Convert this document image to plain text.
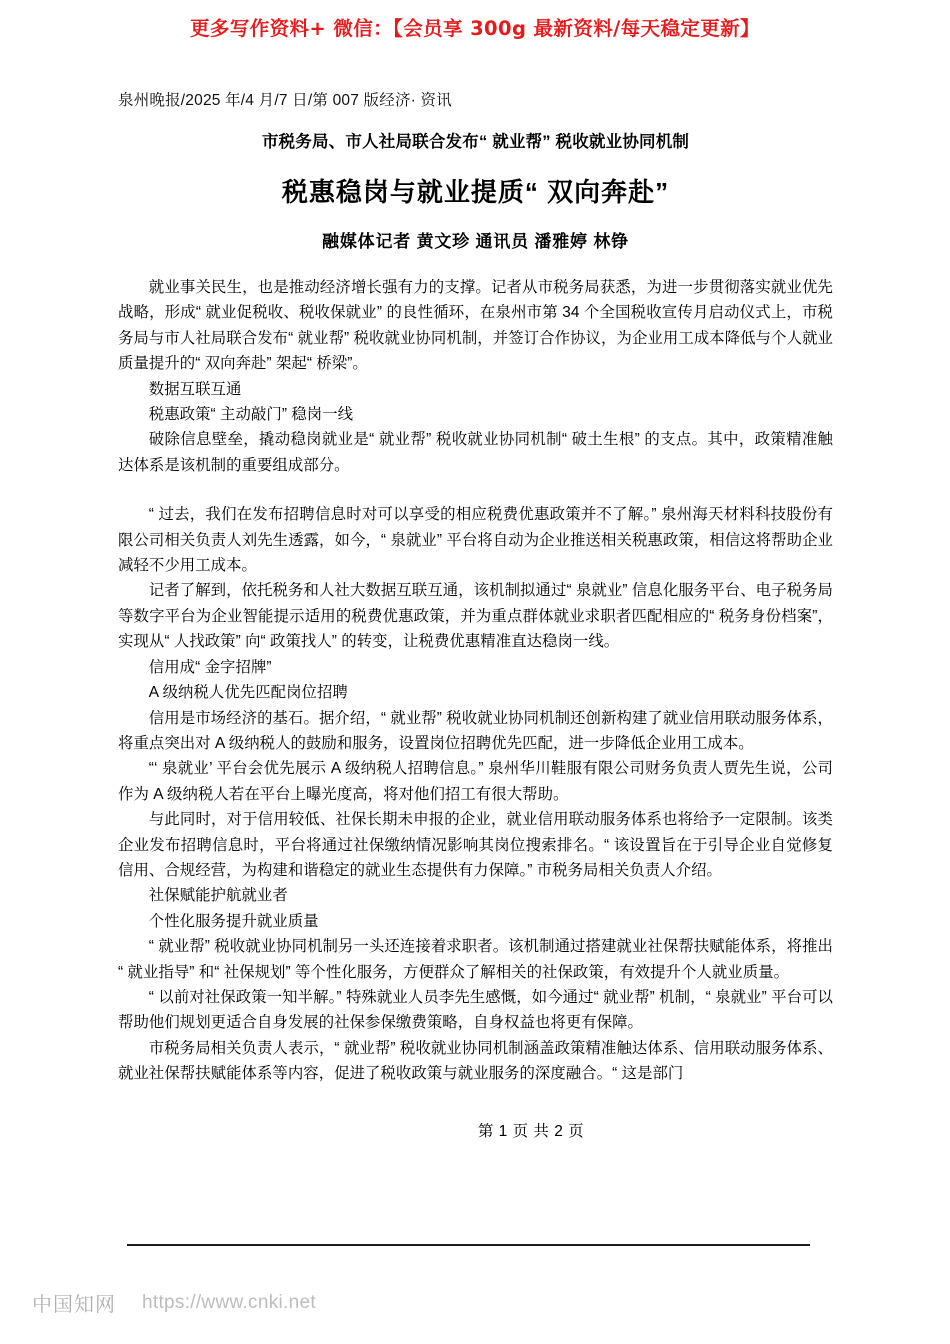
更多写作资料+ 微信：【会员享 300g 最新资料/每天稳定更新】
泉州晚报/2025 年/4 月/7 日/第 007 版经济· 资讯
市税务局、市人社局联合发布“ 就业帮” 税收就业协同机制
税惠稳岗与就业提质“ 双向奔赴”
融媒体记者 黄文珍 通讯员 潘雅婷 林铮

就业事关民生，也是推动经济增长强有力的支撑。记者从市税务局获悉，为进一步贯彻落实就业优先战略，形成“ 就业促税收、税收保就业” 的良性循环，在泉州市第 34 个全国税收宣传月启动仪式上，市税务局与市人社局联合发布“ 就业帮” 税收就业协同机制，并签订合作协议，为企业用工成本降低与个人就业质量提升的“ 双向奔赴” 架起“ 桥梁”。

数据互联互通

税惠政策“ 主动敲门” 稳岗一线

破除信息壁垒，撬动稳岗就业是“ 就业帮” 税收就业协同机制“ 破土生根” 的支点。其中，政策精准触达体系是该机制的重要组成部分。

“ 过去，我们在发布招聘信息时对可以享受的相应税费优惠政策并不了解。” 泉州海天材料科技股份有限公司相关负责人刘先生透露，如今，“ 泉就业” 平台将自动为企业推送相关税惠政策，相信这将帮助企业减轻不少用工成本。

记者了解到，依托税务和人社大数据互联互通，该机制拟通过“ 泉就业” 信息化服务平台、电子税务局等数字平台为企业智能提示适用的税费优惠政策，并为重点群体就业求职者匹配相应的“ 税务身份档案”，实现从“ 人找政策” 向“ 政策找人” 的转变，让税费优惠精准直达稳岗一线。

信用成“ 金字招牌”

A 级纳税人优先匹配岗位招聘

信用是市场经济的基石。据介绍，“ 就业帮” 税收就业协同机制还创新构建了就业信用联动服务体系，将重点突出对 A 级纳税人的鼓励和服务，设置岗位招聘优先匹配，进一步降低企业用工成本。

“‘ 泉就业’ 平台会优先展示 A 级纳税人招聘信息。” 泉州华川鞋服有限公司财务负责人贾先生说，公司作为 A 级纳税人若在平台上曝光度高，将对他们招工有很大帮助。

与此同时，对于信用较低、社保长期未申报的企业，就业信用联动服务体系也将给予一定限制。该类企业发布招聘信息时，平台将通过社保缴纳情况影响其岗位搜索排名。“ 该设置旨在于引导企业自觉修复信用、合规经营，为构建和谐稳定的就业生态提供有力保障。” 市税务局相关负责人介绍。

社保赋能护航就业者

个性化服务提升就业质量

“ 就业帮” 税收就业协同机制另一头还连接着求职者。该机制通过搭建就业社保帮扶赋能体系，将推出“ 就业指导” 和“ 社保规划” 等个性化服务，方便群众了解相关的社保政策，有效提升个人就业质量。

“ 以前对社保政策一知半解。” 特殊就业人员李先生感慨，如今通过“ 就业帮” 机制，“ 泉就业” 平台可以帮助他们规划更适合自身发展的社保参保缴费策略，自身权益也将更有保障。

市税务局相关负责人表示，“ 就业帮” 税收就业协同机制涵盖政策精准触达体系、信用联动服务体系、就业社保帮扶赋能体系等内容，促进了税收政策与就业服务的深度融合。“ 这是部门

第 1 页 共 2 页
中国知网 https://www.cnki.net
